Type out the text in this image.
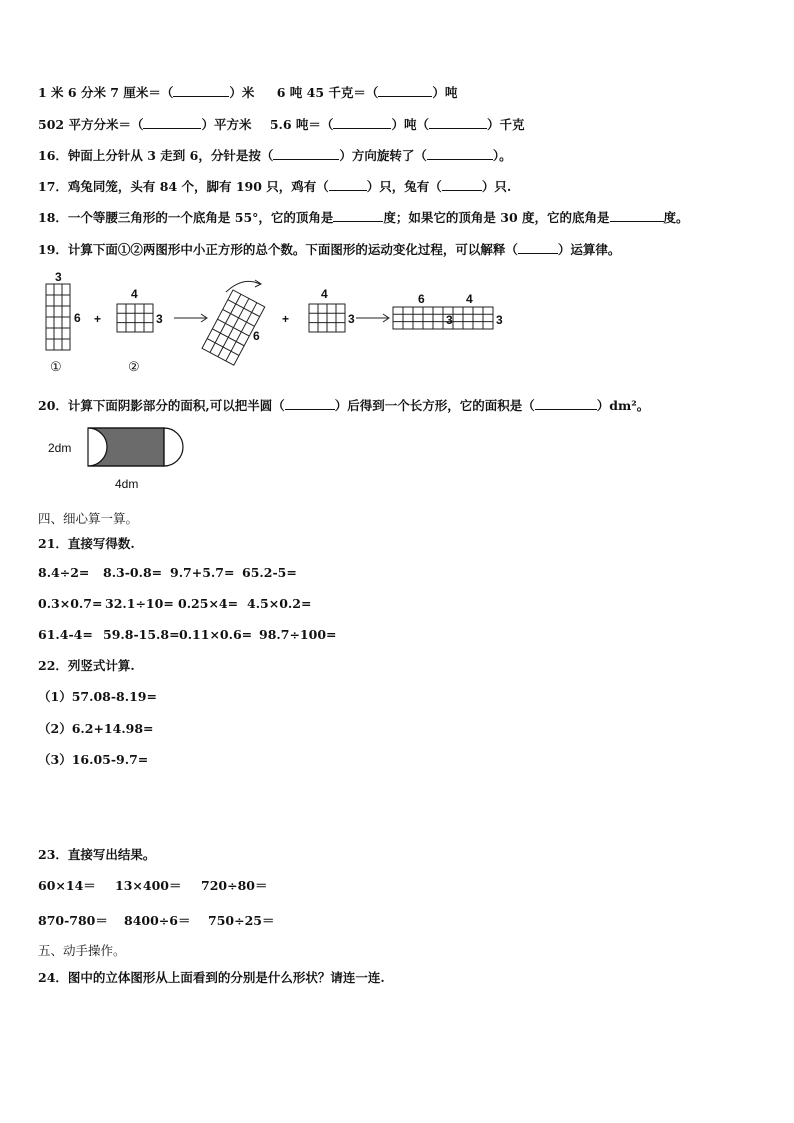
1 米 6 分米 7 厘米＝（	）米 6 吨 45 千克＝（	）吨
502 平方分米＝（	）平方米 5.6 吨＝（	）吨（	）千克
16．钟面上分针从 3 走到 6，分针是按（	）方向旋转了（	）。
17．鸡兔同笼，头有 84 个，脚有 190 只，鸡有（	）只，兔有（	）只.
18．一个等腰三角形的一个底角是 55°，它的顶角是	度；如果它的顶角是 30 度，它的底角是	度。
19．计算下面①②两图形中小正方形的总个数。下面图形的运动变化过程，可以解释（	）运算律。
3
6 +
4
3
6
+
4
3
6	4
3	3
①	②
20．计算下面阴影部分的面积,可以把半圆（	）后得到一个长方形，它的面积是（	）dm²。
2dm
4dm
四、细心算一算。
21．直接写得数.
8.4÷2= 8.3-0.8= 9.7+5.7= 65.2-5=
0.3×0.7= 32.1÷10= 0.25×4= 4.5×0.2=
61.4-4= 59.8-15.8=0.11×0.6= 98.7÷100=
22．列竖式计算.
（1）57.08-8.19=
（2）6.2+14.98=
（3）16.05-9.7=
23．直接写出结果。
60×14＝ 13×400＝ 720÷80＝
870-780＝ 8400÷6＝ 750÷25＝
五、动手操作。
24．图中的立体图形从上面看到的分别是什么形状？请连一连.
